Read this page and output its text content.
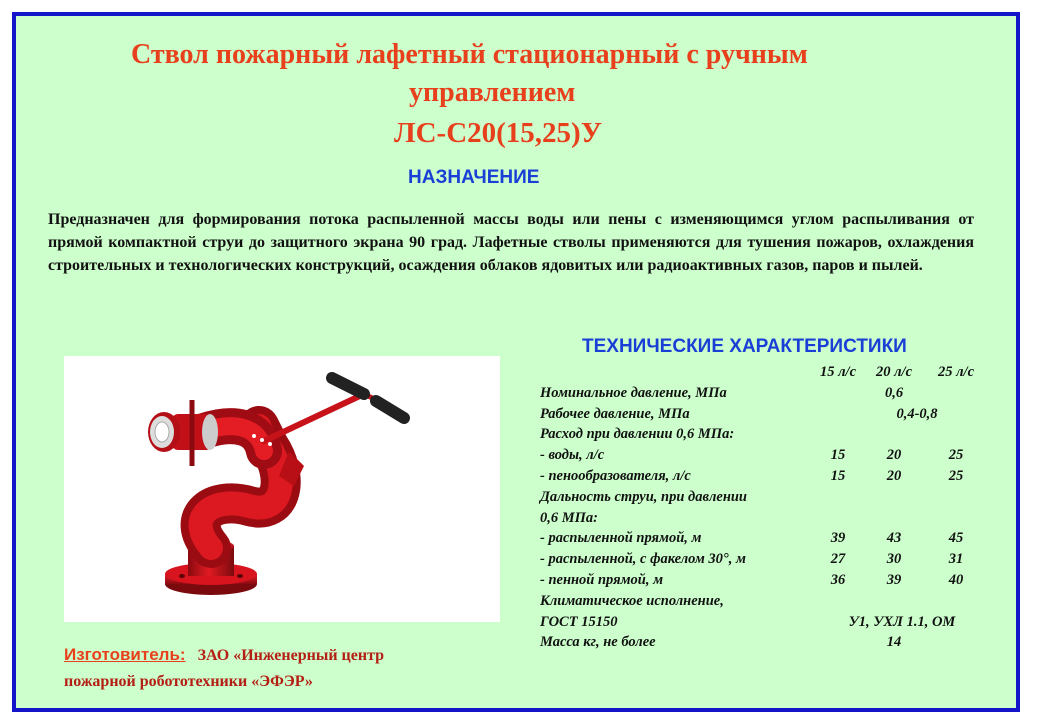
Ствол пожарный лафетный стационарный с ручным
управлением
ЛС-С20(15,25)У
НАЗНАЧЕНИЕ
Предназначен для формирования потока распыленной массы воды или пены с изменяющимся углом распыливания от прямой компактной струи до защитного экрана 90 град. Лафетные стволы применяются для тушения пожаров, охлаждения строительных и технологических конструкций, осаждения облаков ядовитых или радиоактивных газов, паров и пылей.
Изготовитель: ЗАО «Инженерный центр
пожарной робототехники «ЭФЭР»
ТЕХНИЧЕСКИЕ ХАРАКТЕРИСТИКИ
15 л/с 20 л/с 25 л/с
Номинальное давление, МПа	0,6
Рабочее давление, МПа	0,4-0,8
Расход при давлении 0,6 МПа:
- воды, л/с	15	20	25
- пенообразователя, л/с	15	20	25
Дальность струи, при давлении
0,6 МПа:
- распыленной прямой, м	39	43	45
- распыленной, с факелом 30°, м	27	30	31
- пенной прямой, м	36	39	40
Климатическое исполнение,
ГОСТ 15150	У1, УХЛ 1.1, ОМ
Масса кг, не более	14
